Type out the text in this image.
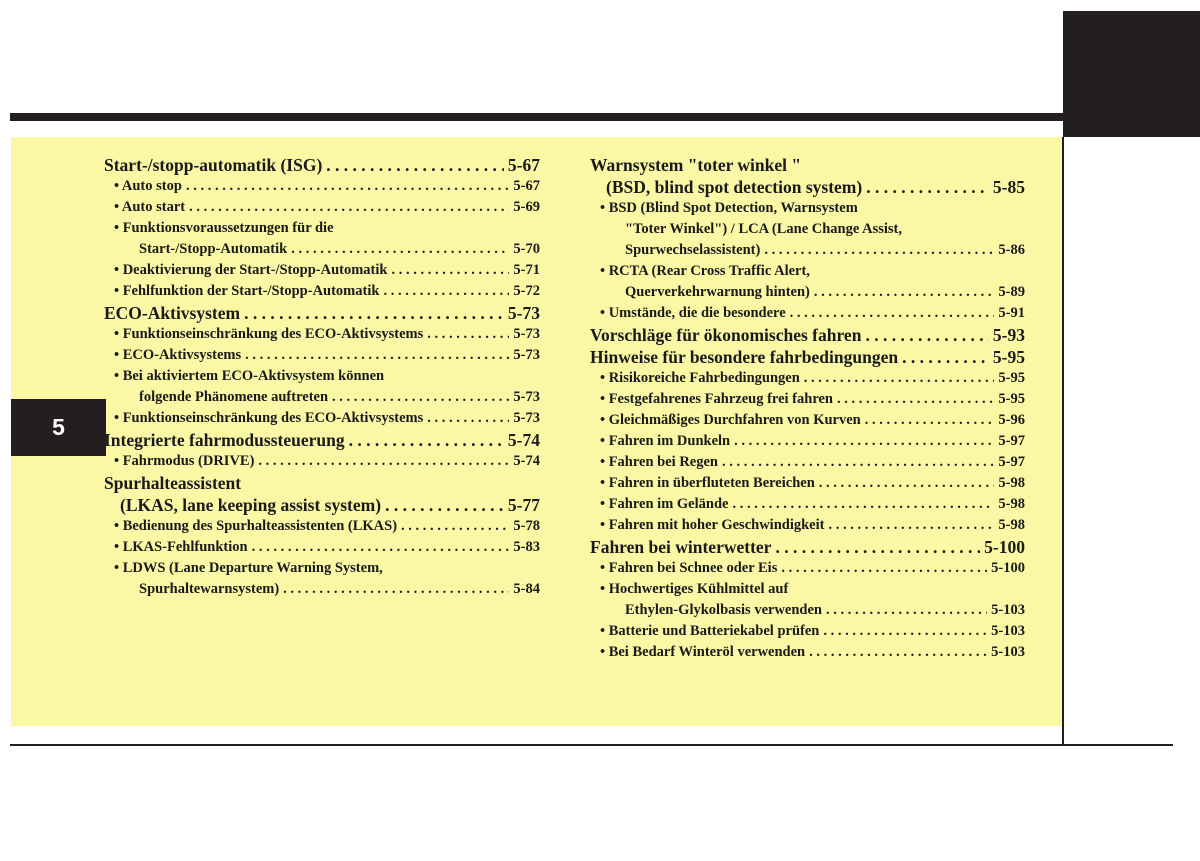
5
Start-/stopp-automatik (ISG) . . .	5-67
• Auto stop . . .	5-67
• Auto start . . .	5-69
• Funktionsvoraussetzungen für die
Start-/Stopp-Automatik . . .	5-70
• Deaktivierung der Start-/Stopp-Automatik . . .	5-71
• Fehlfunktion der Start-/Stopp-Automatik . . .	5-72
ECO-Aktivsystem . . .	5-73
• Funktionseinschränkung des ECO-Aktivsystems . . .	5-73
• ECO-Aktivsystems . . .	5-73
• Bei aktiviertem ECO-Aktivsystem können
folgende Phänomene auftreten . . .	5-73
• Funktionseinschränkung des ECO-Aktivsystems . . .	5-73
Integrierte fahrmodussteuerung . . .	5-74
• Fahrmodus (DRIVE) . . .	5-74
Spurhalteassistent
(LKAS, lane keeping assist system) . . .	5-77
• Bedienung des Spurhalteassistenten (LKAS) . . .	5-78
• LKAS-Fehlfunktion . . .	5-83
• LDWS (Lane Departure Warning System,
Spurhaltewarnsystem) . . .	5-84
Warnsystem "toter winkel "
(BSD, blind spot detection system) . . .	5-85
• BSD (Blind Spot Detection, Warnsystem
"Toter Winkel") / LCA (Lane Change Assist,
Spurwechselassistent) . . .	5-86
• RCTA (Rear Cross Traffic Alert,
Querverkehrwarnung hinten) . . .	5-89
• Umstände, die die besondere . . .	5-91
Vorschläge für ökonomisches fahren . . .	5-93
Hinweise für besondere fahrbedingungen . . .	5-95
• Risikoreiche Fahrbedingungen . . .	5-95
• Festgefahrenes Fahrzeug frei fahren . . .	5-95
• Gleichmäßiges Durchfahren von Kurven . . .	5-96
• Fahren im Dunkeln . . .	5-97
• Fahren bei Regen . . .	5-97
• Fahren in überfluteten Bereichen . . .	5-98
• Fahren im Gelände . . .	5-98
• Fahren mit hoher Geschwindigkeit . . .	5-98
Fahren bei winterwetter . . .	5-100
• Fahren bei Schnee oder Eis . . .	5-100
• Hochwertiges Kühlmittel auf
Ethylen-Glykolbasis verwenden . . .	5-103
• Batterie und Batteriekabel prüfen . . .	5-103
• Bei Bedarf Winteröl verwenden . . .	5-103
